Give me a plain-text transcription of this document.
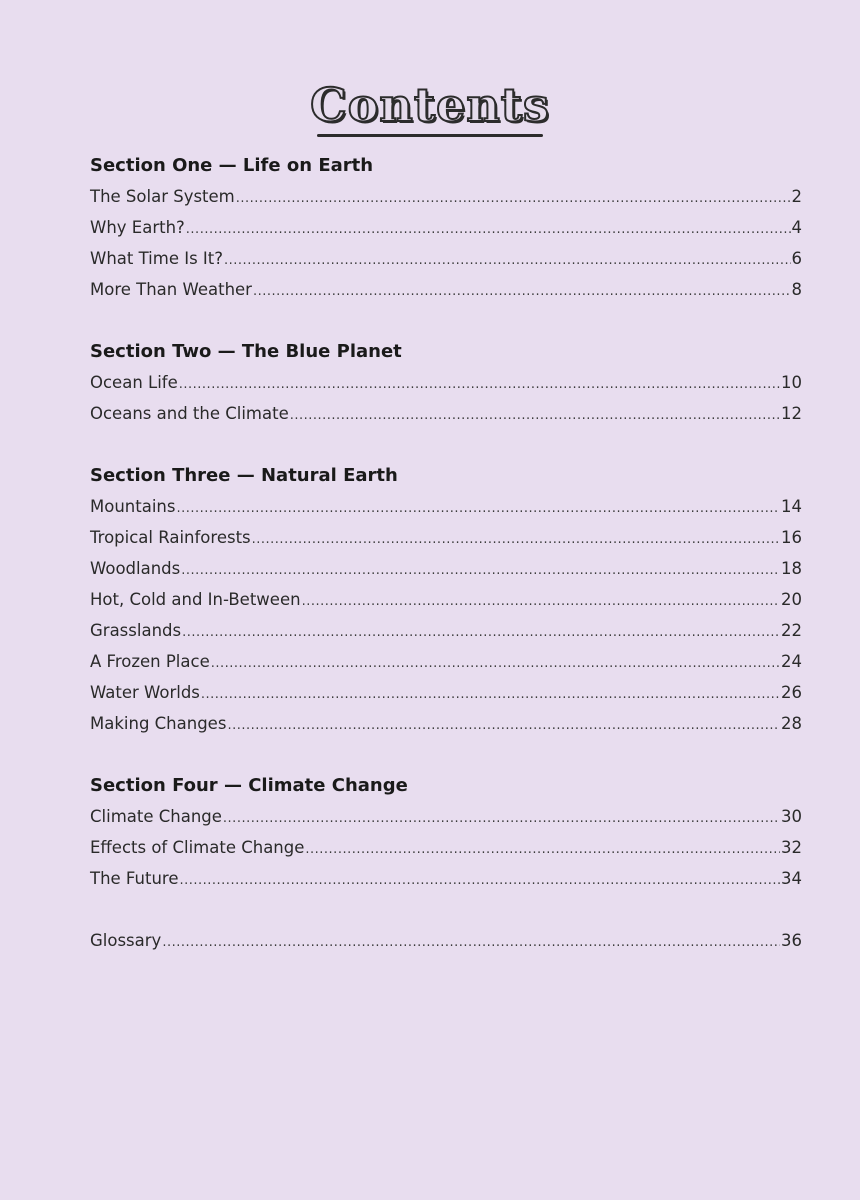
Contents
Section One — Life on Earth
The Solar System .....	2
Why Earth? .....	4
What Time Is It? .....	6
More Than Weather .....	8
Section Two — The Blue Planet
Ocean Life .....	10
Oceans and the Climate .....	12
Section Three — Natural Earth
Mountains .....	14
Tropical Rainforests .....	16
Woodlands .....	18
Hot, Cold and In-Between .....	20
Grasslands .....	22
A Frozen Place .....	24
Water Worlds .....	26
Making Changes .....	28
Section Four — Climate Change
Climate Change .....	30
Effects of Climate Change .....	32
The Future .....	34
Glossary .....	36
